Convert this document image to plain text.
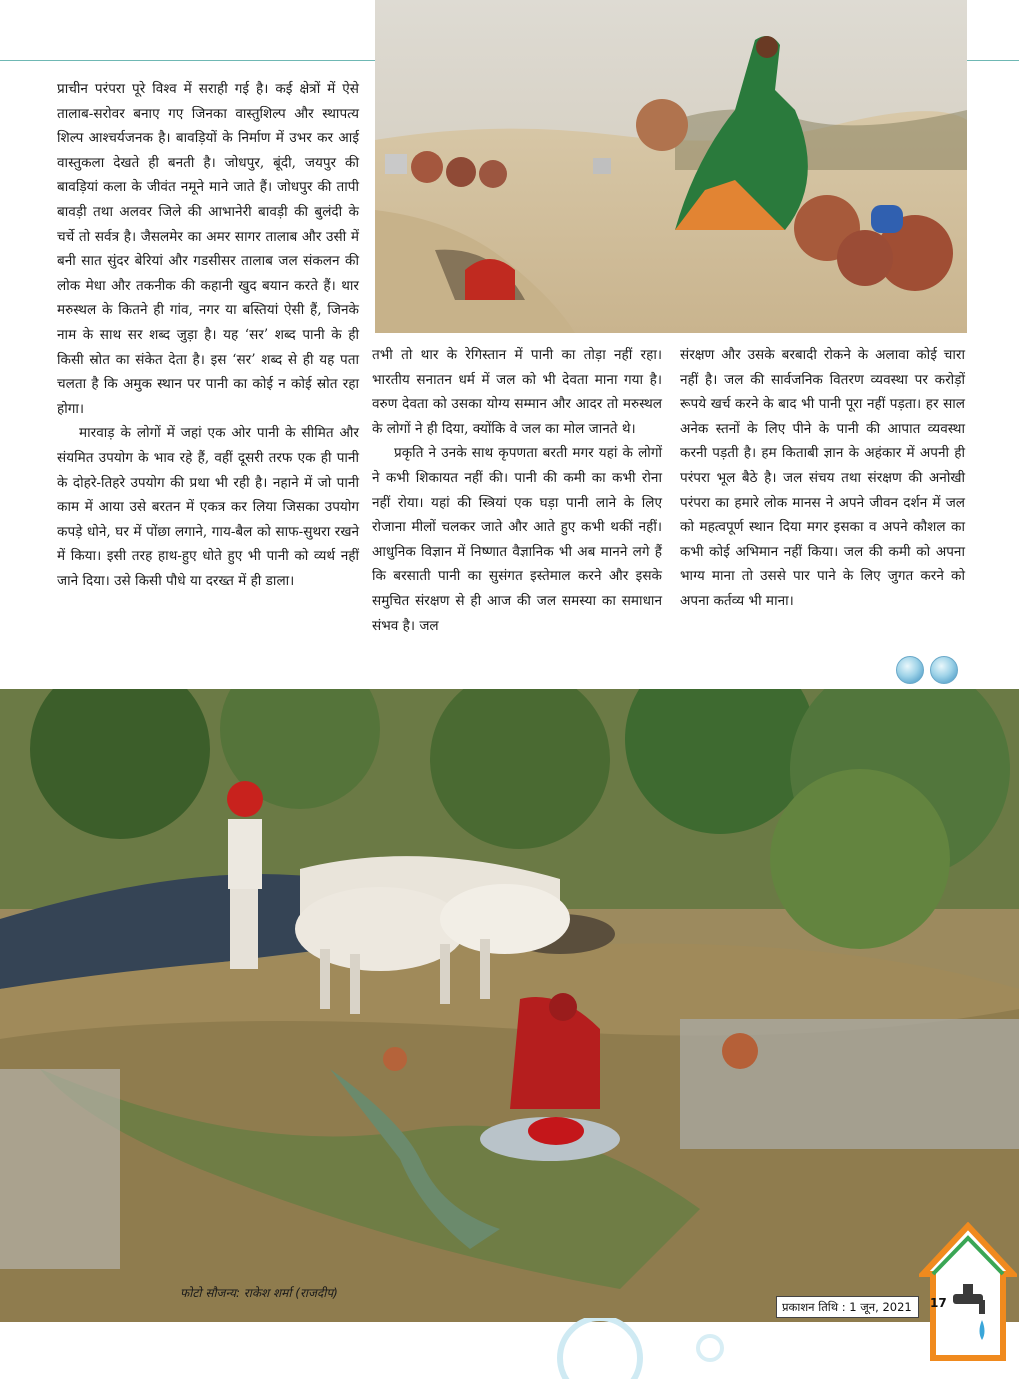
प्राचीन परंपरा पूरे विश्व में सराही गई है। कई क्षेत्रों में ऐसे तालाब-सरोवर बनाए गए जिनका वास्तुशिल्प और स्थापत्य शिल्प आश्चर्यजनक है। बावड़ियों के निर्माण में उभर कर आई वास्तुकला देखते ही बनती है। जोधपुर, बूंदी, जयपुर की बावड़ियां कला के जीवंत नमूने माने जाते हैं। जोधपुर की तापी बावड़ी तथा अलवर जिले की आभानेरी बावड़ी की बुलंदी के चर्चे तो सर्वत्र है। जैसलमेर का अमर सागर तालाब और उसी में बनी सात सुंदर बेरियां और गडसीसर तालाब जल संकलन की लोक मेधा और तकनीक की कहानी खुद बयान करते हैं। थार मरुस्थल के कितने ही गांव, नगर या बस्तियां ऐसी हैं, जिनके नाम के साथ सर शब्द जुड़ा है। यह ‘सर’ शब्द पानी के ही किसी स्रोत का संकेत देता है। इस ‘सर’ शब्द से ही यह पता चलता है कि अमुक स्थान पर पानी का कोई न कोई स्रोत रहा होगा।

मारवाड़ के लोगों में जहां एक ओर पानी के सीमित और संयमित उपयोग के भाव रहे हैं, वहीं दूसरी तरफ एक ही पानी के दोहरे-तिहरे उपयोग की प्रथा भी रही है। नहाने में जो पानी काम में आया उसे बरतन में एकत्र कर लिया जिसका उपयोग कपड़े धोने, घर में पोंछा लगाने, गाय-बैल को साफ-सुथरा रखने में किया। इसी तरह हाथ-हुए धोते हुए भी पानी को व्यर्थ नहीं जाने दिया। उसे किसी पौधे या दरख्त में ही डाला।

तभी तो थार के रेगिस्तान में पानी का तोड़ा नहीं रहा। भारतीय सनातन धर्म में जल को भी देवता माना गया है। वरुण देवता को उसका योग्य सम्मान और आदर तो मरुस्थल के लोगों ने ही दिया, क्योंकि वे जल का मोल जानते थे।

प्रकृति ने उनके साथ कृपणता बरती मगर यहां के लोगों ने कभी शिकायत नहीं की। पानी की कमी का कभी रोना नहीं रोया। यहां की स्त्रियां एक घड़ा पानी लाने के लिए रोजाना मीलों चलकर जाते और आते हुए कभी थकीं नहीं। आधुनिक विज्ञान में निष्णात वैज्ञानिक भी अब मानने लगे हैं कि बरसाती पानी का सुसंगत इस्तेमाल करने और इसके समुचित संरक्षण से ही आज की जल समस्या का समाधान संभव है। जल

संरक्षण और उसके बरबादी रोकने के अलावा कोई चारा नहीं है। जल की सार्वजनिक वितरण व्यवस्था पर करोड़ों रूपये खर्च करने के बाद भी पानी पूरा नहीं पड़ता। हर साल अनेक स्तनों के लिए पीने के पानी की आपात व्यवस्था करनी पड़ती है। हम किताबी ज्ञान के अहंकार में अपनी ही परंपरा भूल बैठे है। जल संचय तथा संरक्षण की अनोखी परंपरा का हमारे लोक मानस ने अपने जीवन दर्शन में जल को महत्वपूर्ण स्थान दिया मगर इसका व अपने कौशल का कभी कोई अभिमान नहीं किया। जल की कमी को अपना भाग्य माना तो उससे पार पाने के लिए जुगत करने को अपना कर्तव्य भी माना।

फोटो सौजन्य: राकेश शर्मा (राजदीप)
प्रकाशन तिथि : 1 जून, 2021	17
